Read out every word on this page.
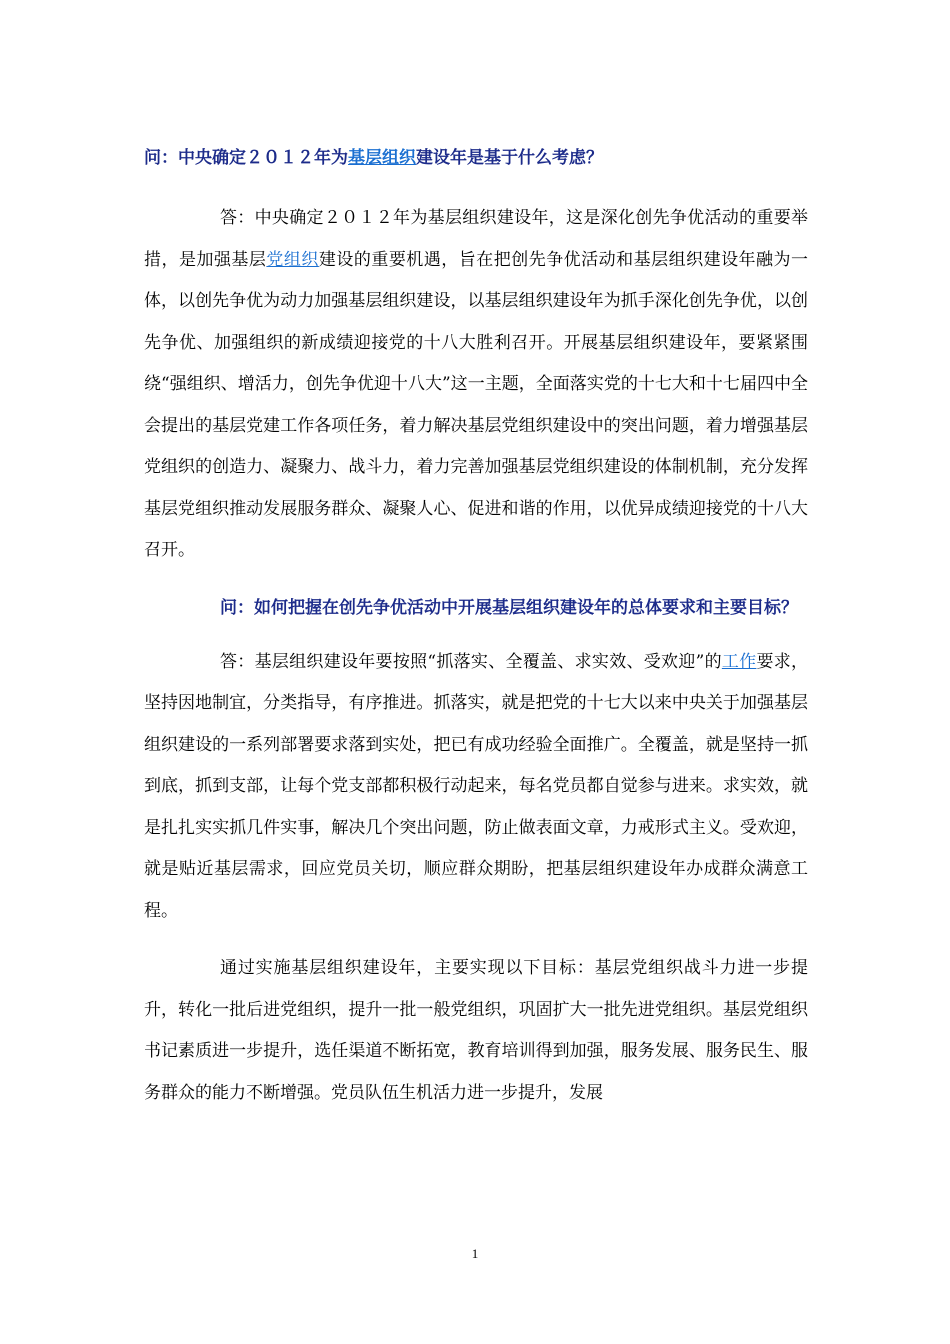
问：中央确定２０１２年为基层组织建设年是基于什么考虑？

答：中央确定２０１２年为基层组织建设年，这是深化创先争优活动的重要举措，是加强基层党组织建设的重要机遇，旨在把创先争优活动和基层组织建设年融为一体，以创先争优为动力加强基层组织建设，以基层组织建设年为抓手深化创先争优，以创先争优、加强组织的新成绩迎接党的十八大胜利召开。开展基层组织建设年，要紧紧围绕“强组织、增活力，创先争优迎十八大”这一主题，全面落实党的十七大和十七届四中全会提出的基层党建工作各项任务，着力解决基层党组织建设中的突出问题，着力增强基层党组织的创造力、凝聚力、战斗力，着力完善加强基层党组织建设的体制机制，充分发挥基层党组织推动发展服务群众、凝聚人心、促进和谐的作用，以优异成绩迎接党的十八大召开。

问：如何把握在创先争优活动中开展基层组织建设年的总体要求和主要目标？

答：基层组织建设年要按照“抓落实、全覆盖、求实效、受欢迎”的工作要求，坚持因地制宜，分类指导，有序推进。抓落实，就是把党的十七大以来中央关于加强基层组织建设的一系列部署要求落到实处，把已有成功经验全面推广。全覆盖，就是坚持一抓到底，抓到支部，让每个党支部都积极行动起来，每名党员都自觉参与进来。求实效，就是扎扎实实抓几件实事，解决几个突出问题，防止做表面文章，力戒形式主义。受欢迎，就是贴近基层需求，回应党员关切，顺应群众期盼，把基层组织建设年办成群众满意工程。

通过实施基层组织建设年，主要实现以下目标：基层党组织战斗力进一步提升，转化一批后进党组织，提升一批一般党组织，巩固扩大一批先进党组织。基层党组织书记素质进一步提升，选任渠道不断拓宽，教育培训得到加强，服务发展、服务民生、服务群众的能力不断增强。党员队伍生机活力进一步提升，发展

1
